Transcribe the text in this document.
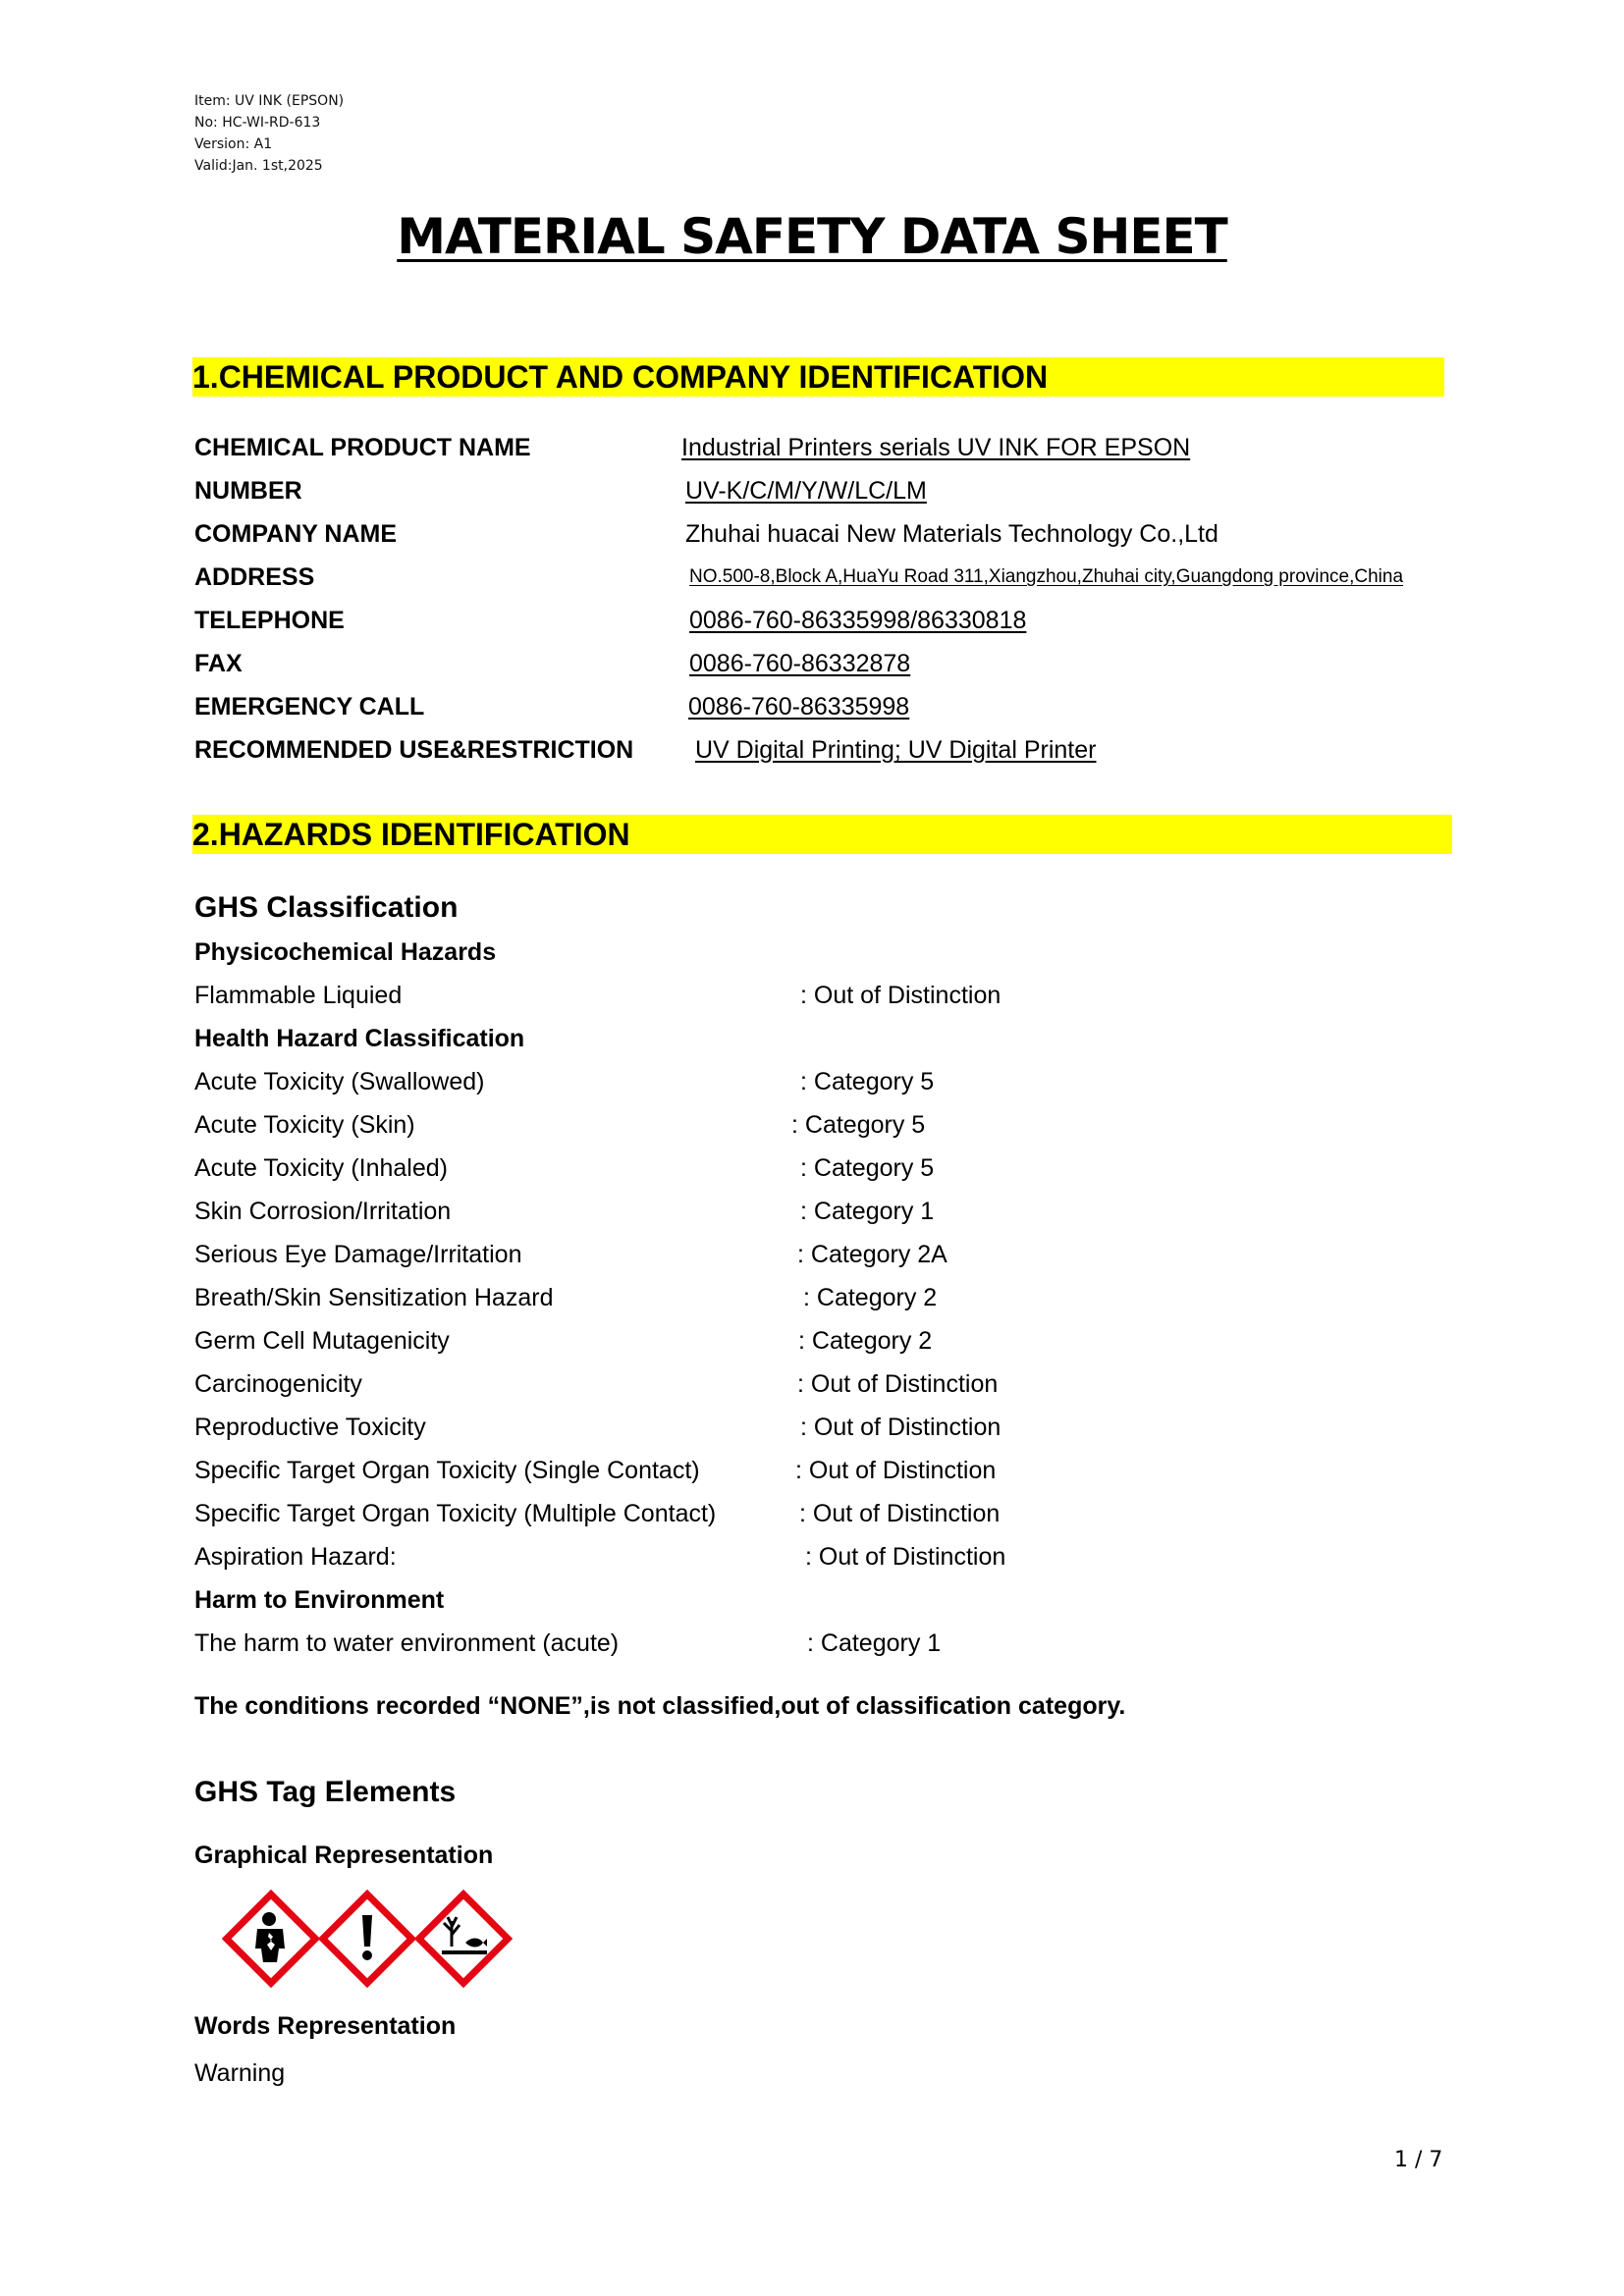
Item: UV INK (EPSON)
No: HC-WI-RD-613
Version: A1
Valid:Jan. 1st,2025
MATERIAL SAFETY DATA SHEET
1.CHEMICAL PRODUCT AND COMPANY IDENTIFICATION
CHEMICAL PRODUCT NAME	Industrial Printers serials UV INK FOR EPSON
NUMBER	UV-K/C/M/Y/W/LC/LM
COMPANY NAME	Zhuhai huacai New Materials Technology Co.,Ltd
ADDRESS	NO.500-8,Block A,HuaYu Road 311,Xiangzhou,Zhuhai city,Guangdong province,China
TELEPHONE	0086-760-86335998/86330818
FAX	0086-760-86332878
EMERGENCY CALL	0086-760-86335998
RECOMMENDED USE&RESTRICTION	UV Digital Printing; UV Digital Printer
2.HAZARDS IDENTIFICATION
GHS Classification
Physicochemical Hazards
Flammable Liquied	: Out of Distinction
Health Hazard Classification
Acute Toxicity (Swallowed)	: Category 5
Acute Toxicity (Skin)	: Category 5
Acute Toxicity (Inhaled)	: Category 5
Skin Corrosion/Irritation	: Category 1
Serious Eye Damage/Irritation	: Category 2A
Breath/Skin Sensitization Hazard	: Category 2
Germ Cell Mutagenicity	: Category 2
Carcinogenicity	: Out of Distinction
Reproductive Toxicity	: Out of Distinction
Specific Target Organ Toxicity (Single Contact)	: Out of Distinction
Specific Target Organ Toxicity (Multiple Contact)	: Out of Distinction
Aspiration Hazard:	: Out of Distinction
Harm to Environment
The harm to water environment (acute)	: Category 1
The conditions recorded “NONE”,is not classified,out of classification category.
GHS Tag Elements
Graphical Representation
Words Representation
Warning
1 / 7
